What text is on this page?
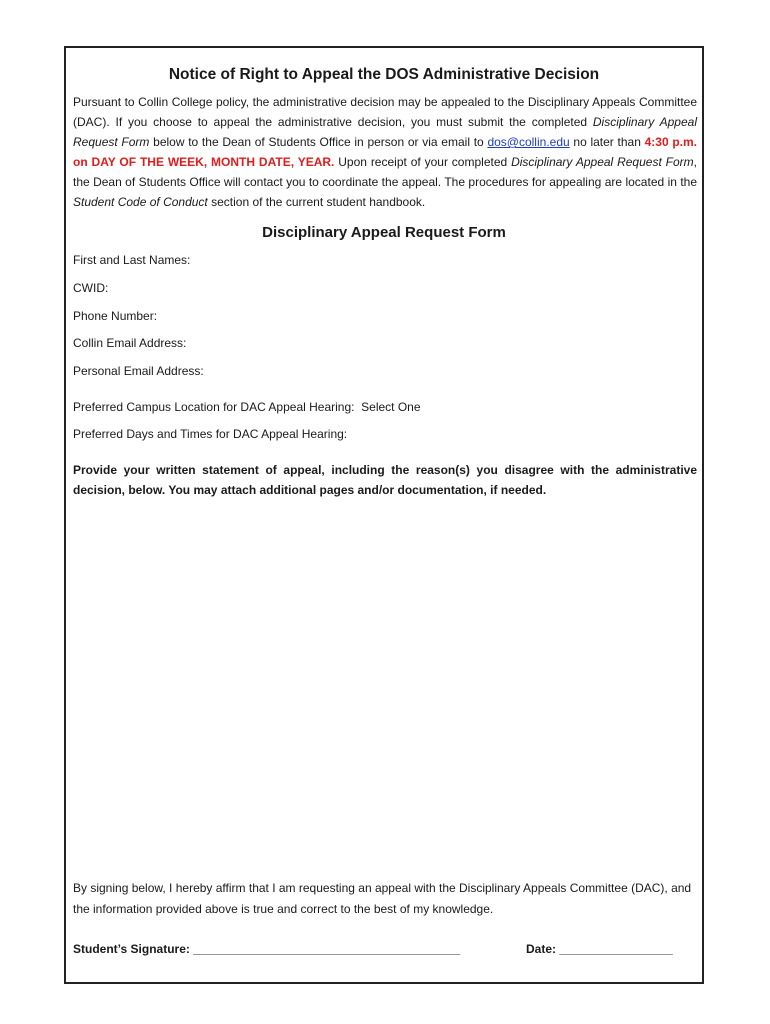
Notice of Right to Appeal the DOS Administrative Decision

Pursuant to Collin College policy, the administrative decision may be appealed to the Disciplinary Appeals Committee (DAC). If you choose to appeal the administrative decision, you must submit the completed Disciplinary Appeal Request Form below to the Dean of Students Office in person or via email to dos@collin.edu no later than 4:30 p.m. on DAY OF THE WEEK, MONTH DATE, YEAR. Upon receipt of your completed Disciplinary Appeal Request Form, the Dean of Students Office will contact you to coordinate the appeal. The procedures for appealing are located in the Student Code of Conduct section of the current student handbook.

Disciplinary Appeal Request Form

First and Last Names:

CWID:

Phone Number:

Collin Email Address:

Personal Email Address:

Preferred Campus Location for DAC Appeal Hearing: Select One

Preferred Days and Times for DAC Appeal Hearing:

Provide your written statement of appeal, including the reason(s) you disagree with the administrative decision, below. You may attach additional pages and/or documentation, if needed.

By signing below, I hereby affirm that I am requesting an appeal with the Disciplinary Appeals Committee (DAC), and the information provided above is true and correct to the best of my knowledge.

Student’s Signature: ________________________________________	Date: _________________
